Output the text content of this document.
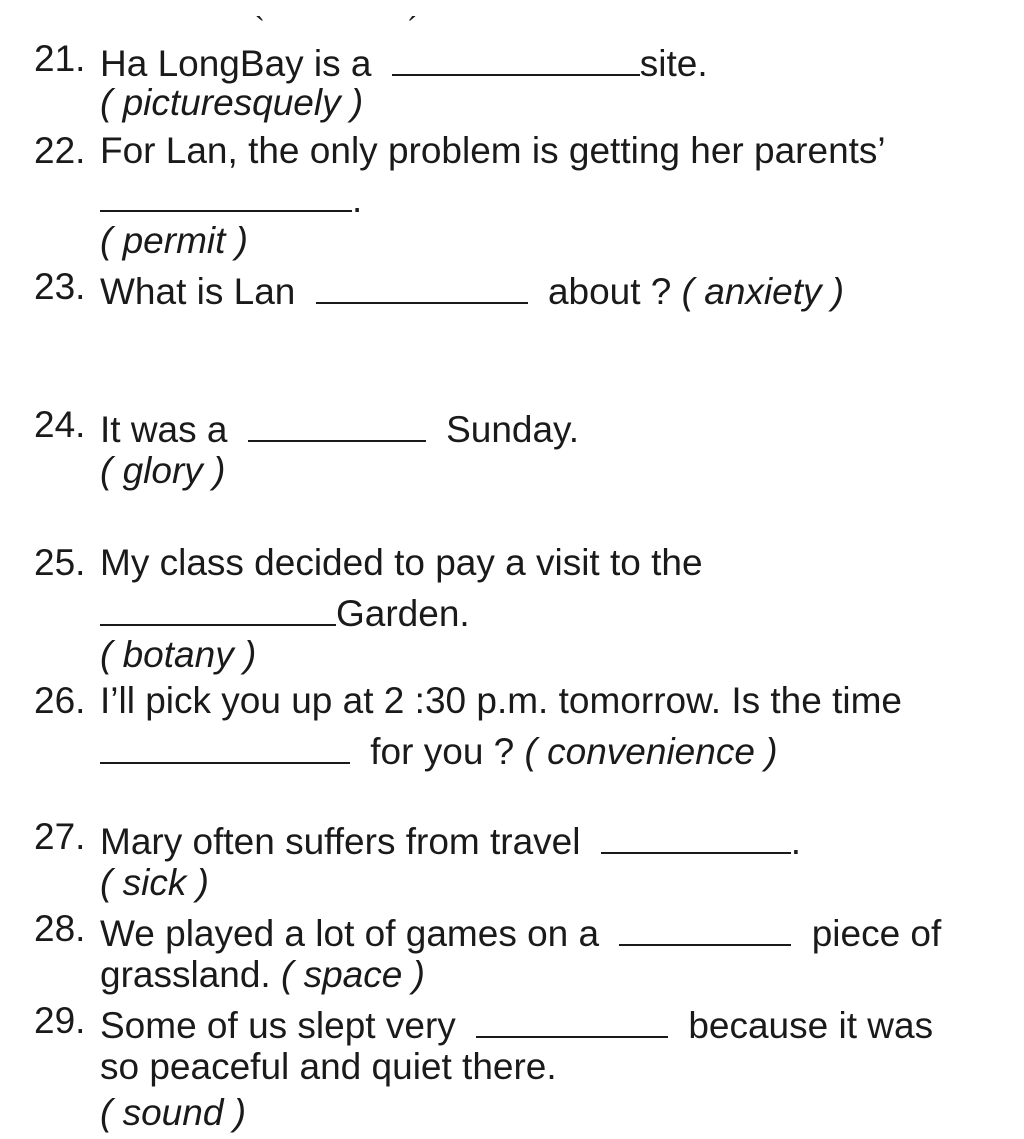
`	´
21. Ha LongBay is a	site.
( picturesquely )
22. For Lan, the only problem is getting her parents’
.
( permit )
23. What is Lan	about ? ( anxiety )
24. It was a	Sunday.
( glory )
25. My class decided to pay a visit to the
Garden.
( botany )
26. I’ll pick you up at 2 :30 p.m. tomorrow. Is the time
for you ? ( convenience )
27. Mary often suffers from travel	.
( sick )
28. We played a lot of games on a	piece of
grassland. ( space )
29. Some of us slept very	because it was
so peaceful and quiet there.
( sound )
